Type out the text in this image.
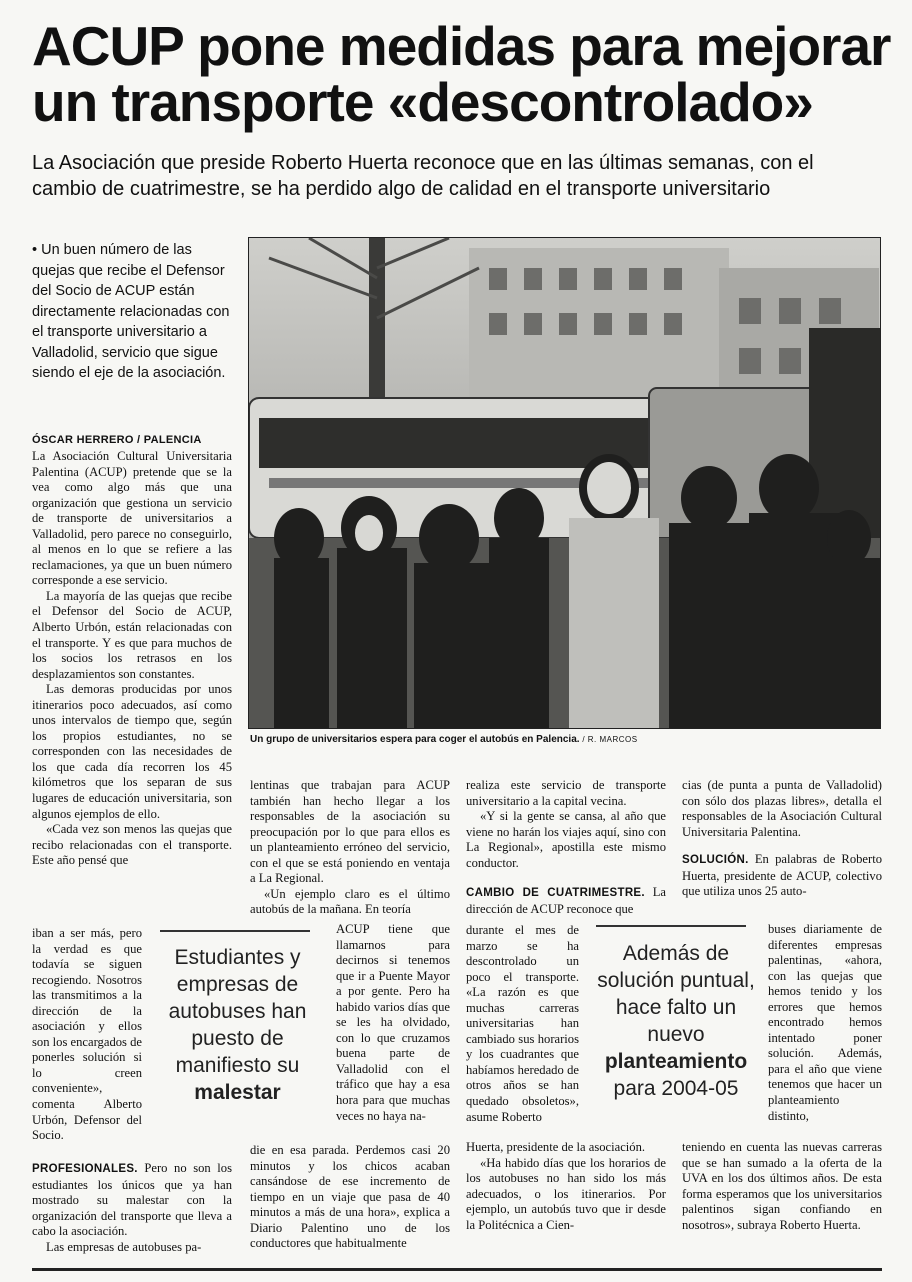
ACUP pone medidas para mejorar un transporte «descontrolado»

La Asociación que preside Roberto Huerta reconoce que en las últimas semanas, con el cambio de cuatrimestre, se ha perdido algo de calidad en el transporte universitario

• Un buen número de las quejas que recibe el Defensor del Socio de ACUP están directamente relacionadas con el transporte universitario a Valladolid, servicio que sigue siendo el eje de la asociación.

ÓSCAR HERRERO / PALENCIA
Un grupo de universitarios espera para coger el autobús en Palencia. / R. MARCOS

La Asociación Cultural Universitaria Palentina (ACUP) pretende que se la vea como algo más que una organización que gestiona un servicio de transporte de universitarios a Valladolid, pero parece no conseguirlo, al menos en lo que se refiere a las reclamaciones, ya que un buen número corresponde a ese servicio.

La mayoría de las quejas que recibe el Defensor del Socio de ACUP, Alberto Urbón, están relacionadas con el transporte. Y es que para muchos de los socios los retrasos en los desplazamientos son constantes.

Las demoras producidas por unos itinerarios poco adecuados, así como unos intervalos de tiempo que, según los propios estudiantes, no se corresponden con las necesidades de los que cada día recorren los 45 kilómetros que los separan de sus lugares de educación universitaria, son algunos ejemplos de ello.

«Cada vez son menos las quejas que recibo relacionadas con el transporte. Este año pensé que

iban a ser más, pero la verdad es que todavía se siguen recogiendo. Nosotros las transmitimos a la dirección de la asociación y ellos son los encargados de ponerles solución si lo creen conveniente», comenta Alberto Urbón, Defensor del Socio.

PROFESIONALES. Pero no son los estudiantes los únicos que ya han mostrado su malestar con la organización del transporte que lleva a cabo la asociación.

Las empresas de autobuses pa-

Estudiantes y empresas de autobuses han puesto de manifiesto su malestar

lentinas que trabajan para ACUP también han hecho llegar a los responsables de la asociación su preocupación por lo que para ellos es un planteamiento erróneo del servicio, con el que se está poniendo en ventaja a La Regional.

«Un ejemplo claro es el último autobús de la mañana. En teoría

ACUP tiene que llamarnos para decirnos si tenemos que ir a Puente Mayor a por gente. Pero ha habido varios días que se les ha olvidado, con lo que cruzamos buena parte de Valladolid con el tráfico que hay a esa hora para que muchas veces no haya na-

die en esa parada. Perdemos casi 20 minutos y los chicos acaban cansándose de ese incremento de tiempo en un viaje que pasa de 40 minutos a más de una hora», explica a Diario Palentino uno de los conductores que habitualmente

realiza este servicio de transporte universitario a la capital vecina.

«Y si la gente se cansa, al año que viene no harán los viajes aquí, sino con La Regional», apostilla este mismo conductor.

CAMBIO DE CUATRIMESTRE. La dirección de ACUP reconoce que

durante el mes de marzo se ha descontrolado un poco el transporte. «La razón es que muchas carreras universitarias han cambiado sus horarios y los cuadrantes que habíamos heredado de otros años se han quedado obsoletos», asume Roberto

Huerta, presidente de la asociación.

«Ha habido días que los horarios de los autobuses no han sido los más adecuados, o los itinerarios. Por ejemplo, un autobús tuvo que ir desde la Politécnica a Cien-

Además de solución puntual, hace falto un nuevo planteamiento para 2004-05

cias (de punta a punta de Valladolid) con sólo dos plazas libres», detalla el responsables de la Asociación Cultural Universitaria Palentina.

SOLUCIÓN. En palabras de Roberto Huerta, presidente de ACUP, colectivo que utiliza unos 25 auto-

buses diariamente de diferentes empresas palentinas, «ahora, con las quejas que hemos tenido y los errores que hemos encontrado hemos intentado poner solución. Además, para el año que viene tenemos que hacer un planteamiento distinto,

teniendo en cuenta las nuevas carreras que se han sumado a la oferta de la UVA en los dos últimos años. De esta forma esperamos que los universitarios palentinos sigan confiando en nosotros», subraya Roberto Huerta.
